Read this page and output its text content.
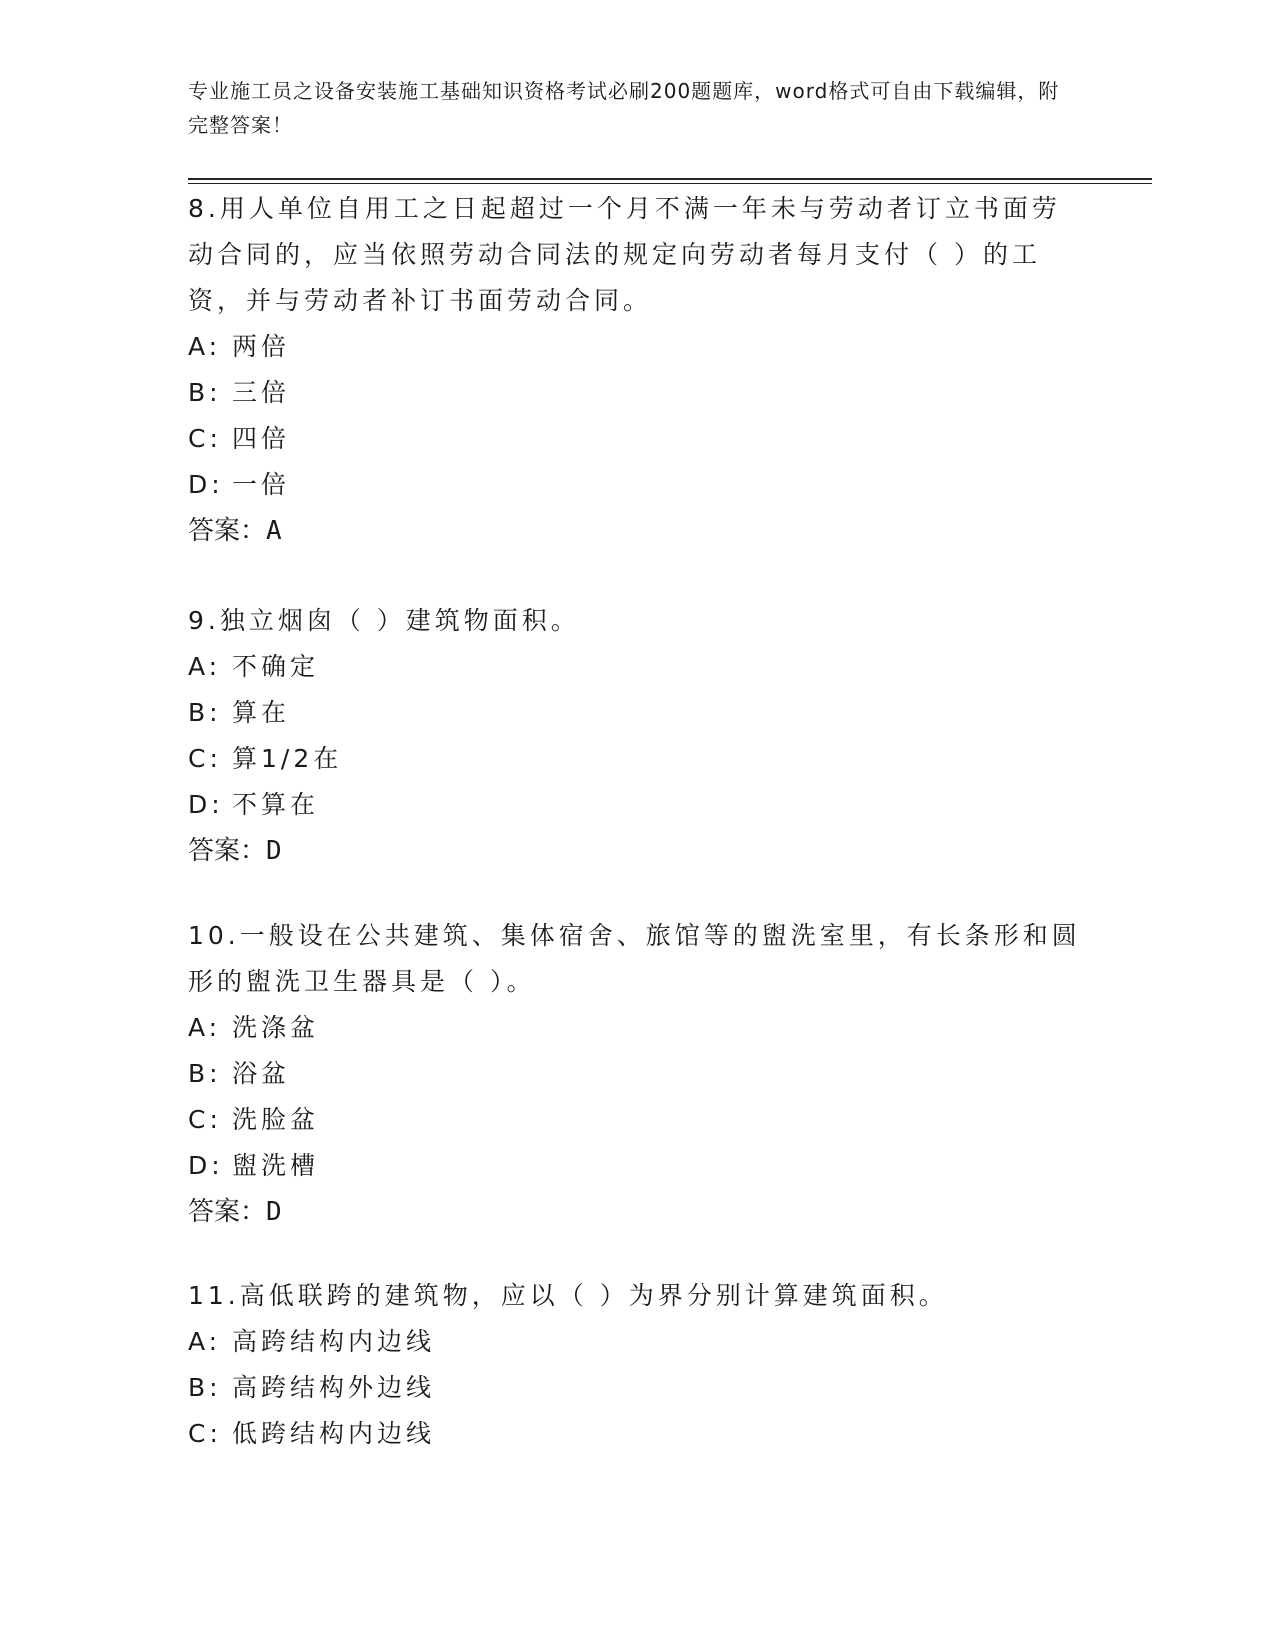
专业施工员之设备安装施工基础知识资格考试必刷200题题库，word格式可自由下载编辑，附完整答案！
8.用人单位自用工之日起超过一个月不满一年未与劳动者订立书面劳动合同的，应当依照劳动合同法的规定向劳动者每月支付（ ）的工资，并与劳动者补订书面劳动合同。
A: 两倍
B: 三倍
C: 四倍
D: 一倍
答案：A
9.独立烟囱（ ）建筑物面积。
A: 不确定
B: 算在
C: 算1/2在
D: 不算在
答案：D
10.一般设在公共建筑、集体宿舍、旅馆等的盥洗室里，有长条形和圆形的盥洗卫生器具是（ ）。
A: 洗涤盆
B: 浴盆
C: 洗脸盆
D: 盥洗槽
答案：D
11.高低联跨的建筑物，应以（ ）为界分别计算建筑面积。
A: 高跨结构内边线
B: 高跨结构外边线
C: 低跨结构内边线
